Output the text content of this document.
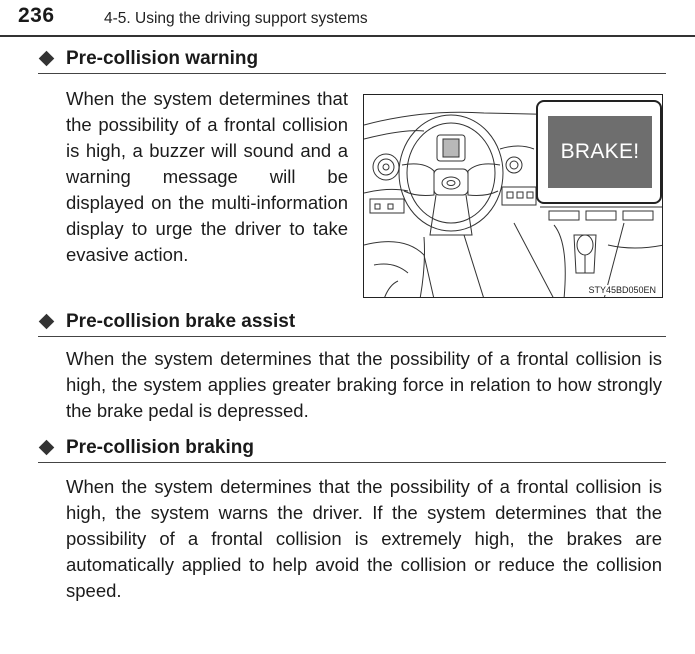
236	4-5. Using the driving support systems
Pre-collision warning
When the system determines that the possibility of a frontal collision is high, a buzzer will sound and a warning message will be displayed on the multi-information display to urge the driver to take evasive action.
BRAKE!
STY45BD050EN
Pre-collision brake assist
When the system determines that the possibility of a frontal collision is high, the system applies greater braking force in relation to how strongly the brake pedal is depressed.
Pre-collision braking
When the system determines that the possibility of a frontal collision is high, the system warns the driver. If the system determines that the possibility of a frontal collision is extremely high, the brakes are automatically applied to help avoid the collision or reduce the collision speed.
